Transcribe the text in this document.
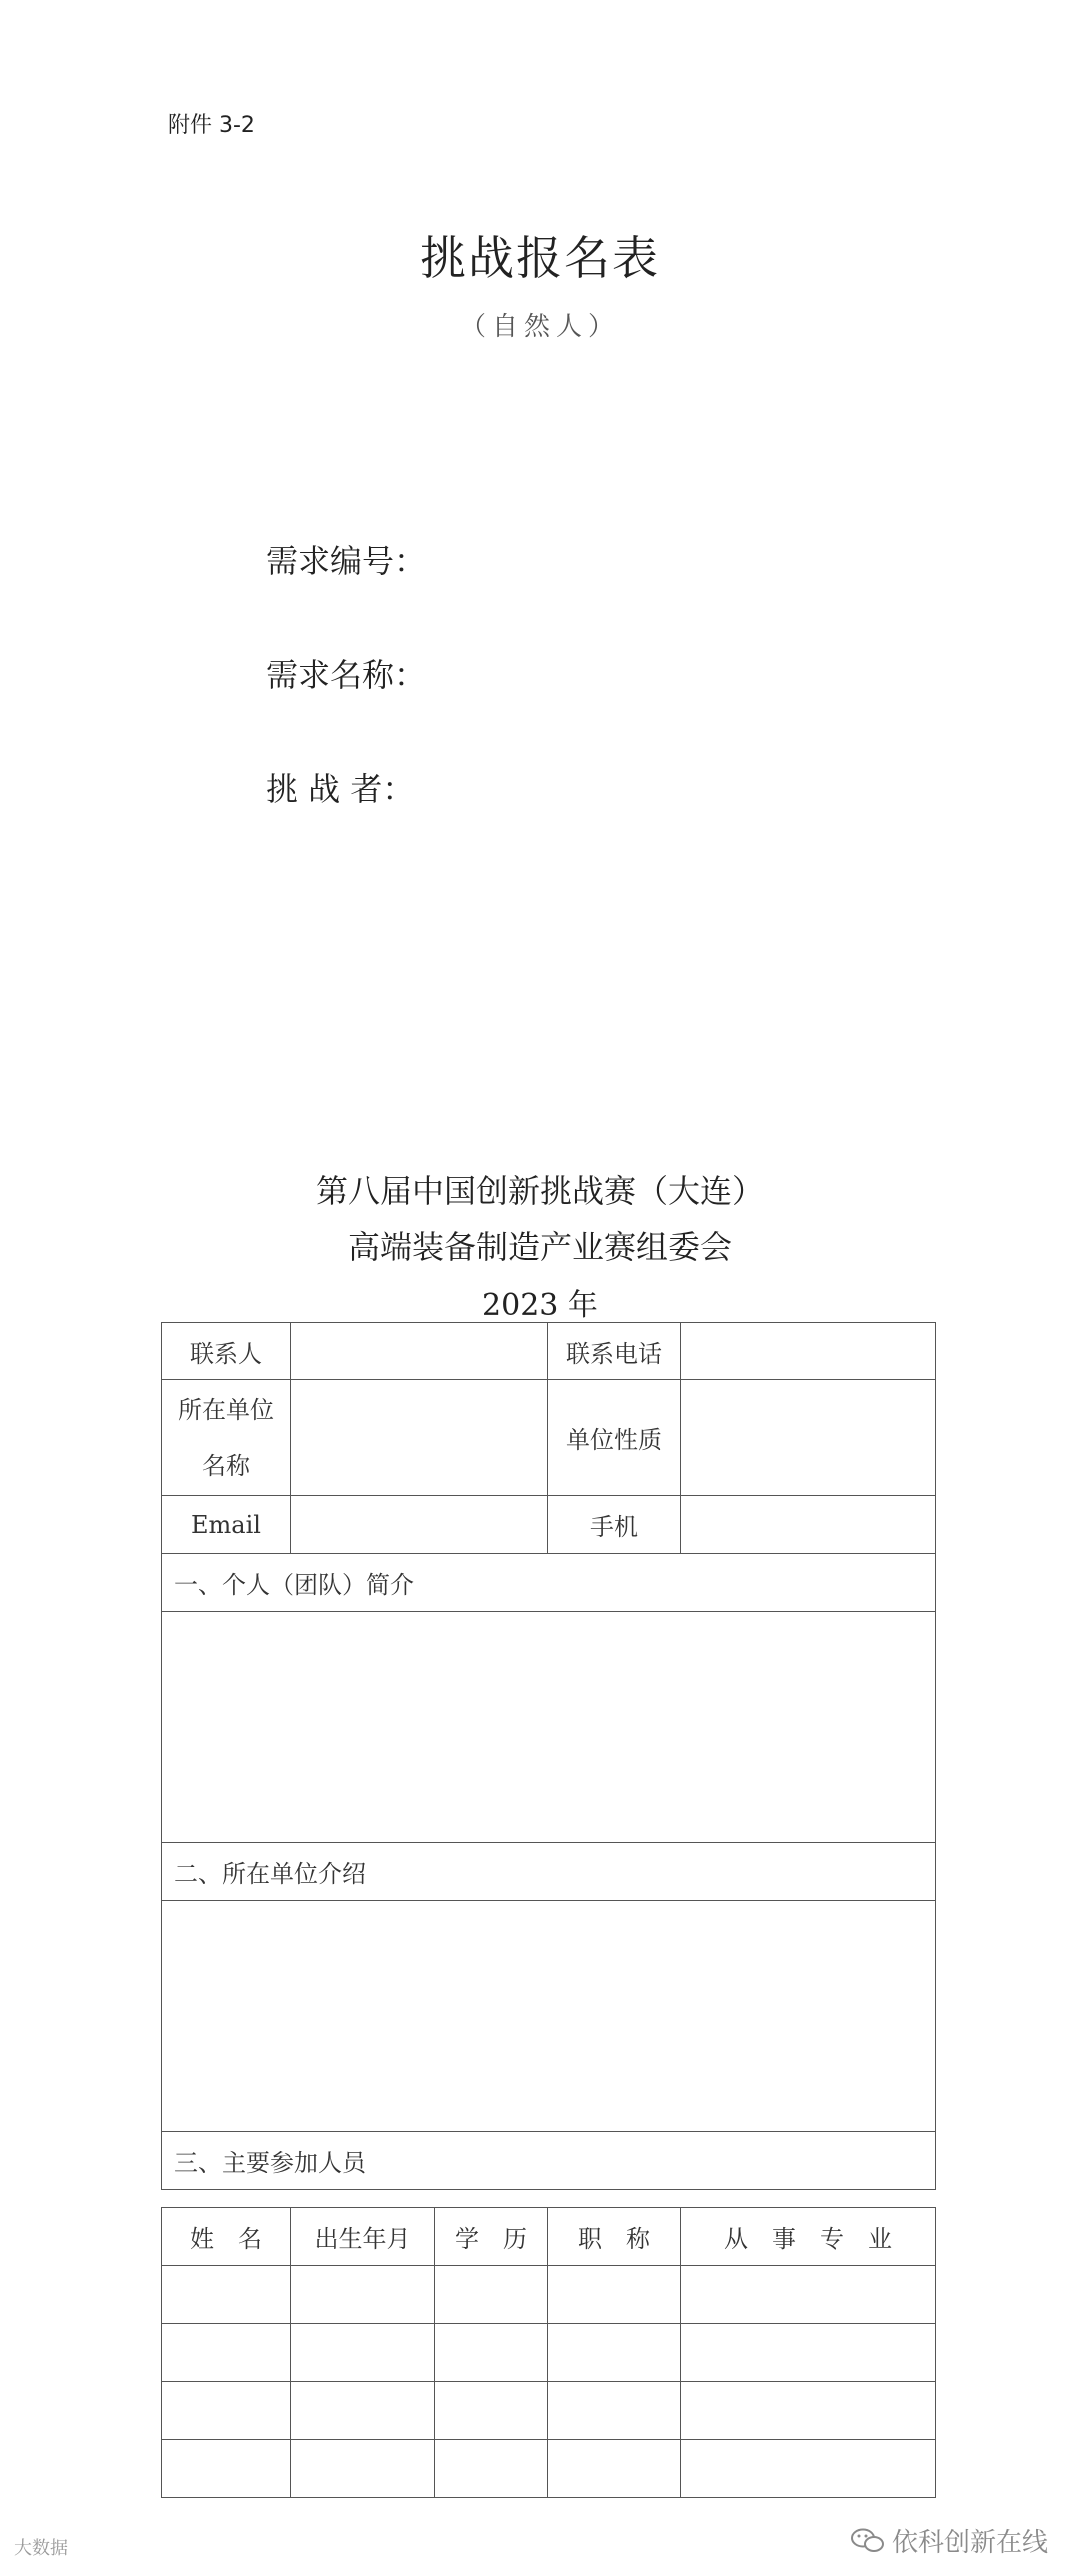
附件 3-2
挑战报名表
（自然人）
需求编号：
需求名称：
挑 战 者：
第八届中国创新挑战赛（大连）
高端装备制造产业赛组委会
2023 年
联系人		联系电话	

所在单位
名称		单位性质	
Email		手机	
一、个人（团队）简介			

二、所在单位介绍			

三、主要参加人员			
姓　名	出生年月	学　历	职　称	从　事　专　业

大数据	依科创新在线
